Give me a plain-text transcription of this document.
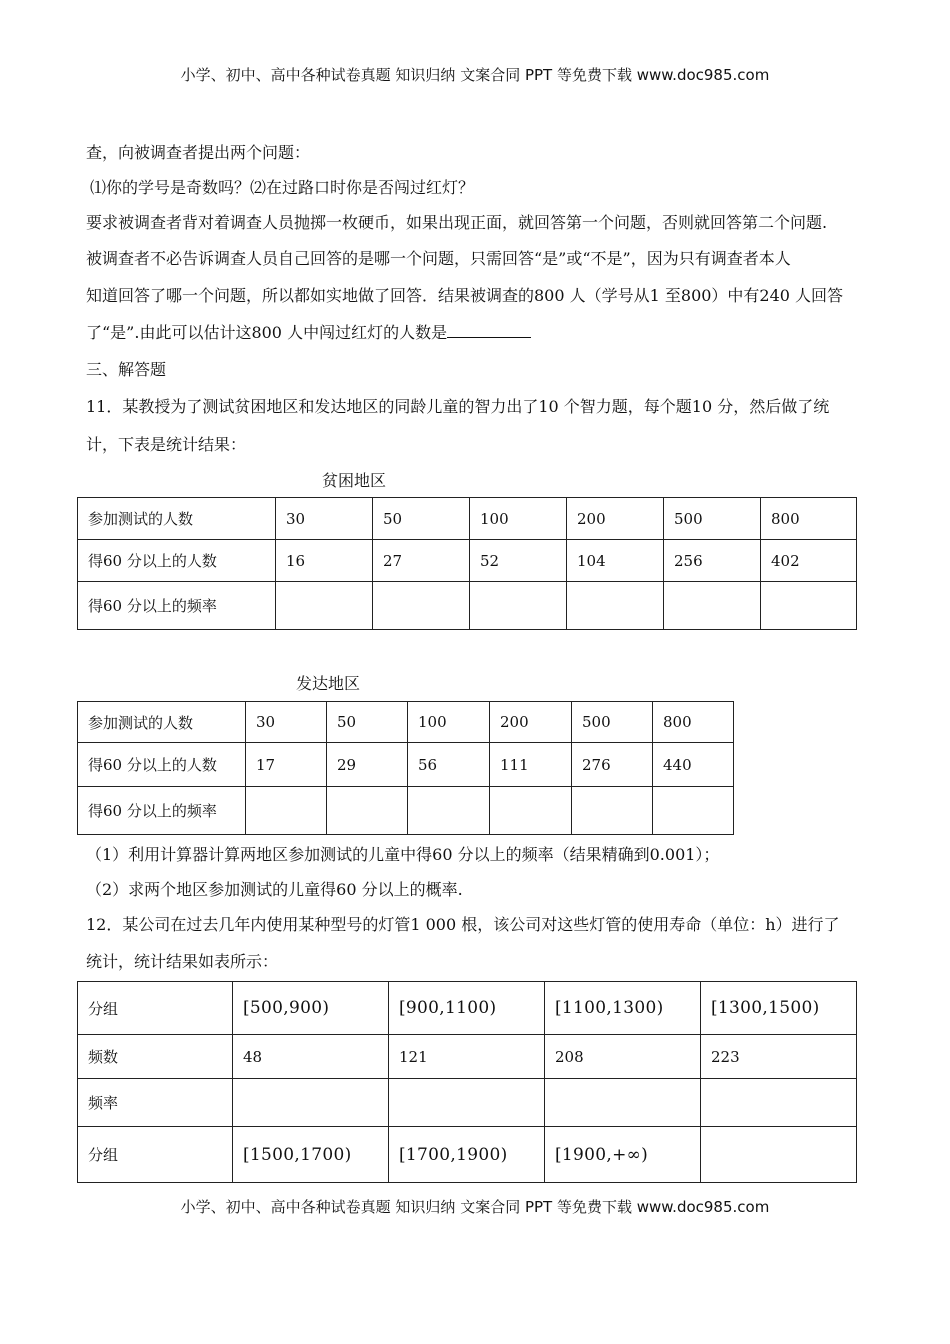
小学、初中、高中各种试卷真题 知识归纳 文案合同 PPT 等免费下载 www.doc985.com
查，向被调查者提出两个问题：
⑴你的学号是奇数吗？⑵在过路口时你是否闯过红灯？
要求被调查者背对着调查人员抛掷一枚硬币，如果出现正面，就回答第一个问题，否则就回答第二个问题.
被调查者不必告诉调查人员自己回答的是哪一个问题，只需回答“是”或“不是”，因为只有调查者本人
知道回答了哪一个问题，所以都如实地做了回答．结果被调查的800 人（学号从1 至800）中有240 人回答
了“是”.由此可以估计这800 人中闯过红灯的人数是
三、解答题
11．某教授为了测试贫困地区和发达地区的同龄儿童的智力出了10 个智力题，每个题10 分，然后做了统
计，下表是统计结果：
贫困地区
参加测试的人数	30	50	100	200	500	800
得60 分以上的人数	16	27	52	104	256	402
得60 分以上的频率						
发达地区
参加测试的人数	30	50	100	200	500	800
得60 分以上的人数	17	29	56	111	276	440
得60 分以上的频率						
（1）利用计算器计算两地区参加测试的儿童中得60 分以上的频率（结果精确到0.001）；
（2）求两个地区参加测试的儿童得60 分以上的概率.
12．某公司在过去几年内使用某种型号的灯管1 000 根，该公司对这些灯管的使用寿命（单位：h）进行了
统计，统计结果如表所示：
分组	[500,900)	[900,1100)	[1100,1300)	[1300,1500)
频数	48	121	208	223
频率				
分组	[1500,1700)	[1700,1900)	[1900,+∞)	
小学、初中、高中各种试卷真题 知识归纳 文案合同 PPT 等免费下载 www.doc985.com
